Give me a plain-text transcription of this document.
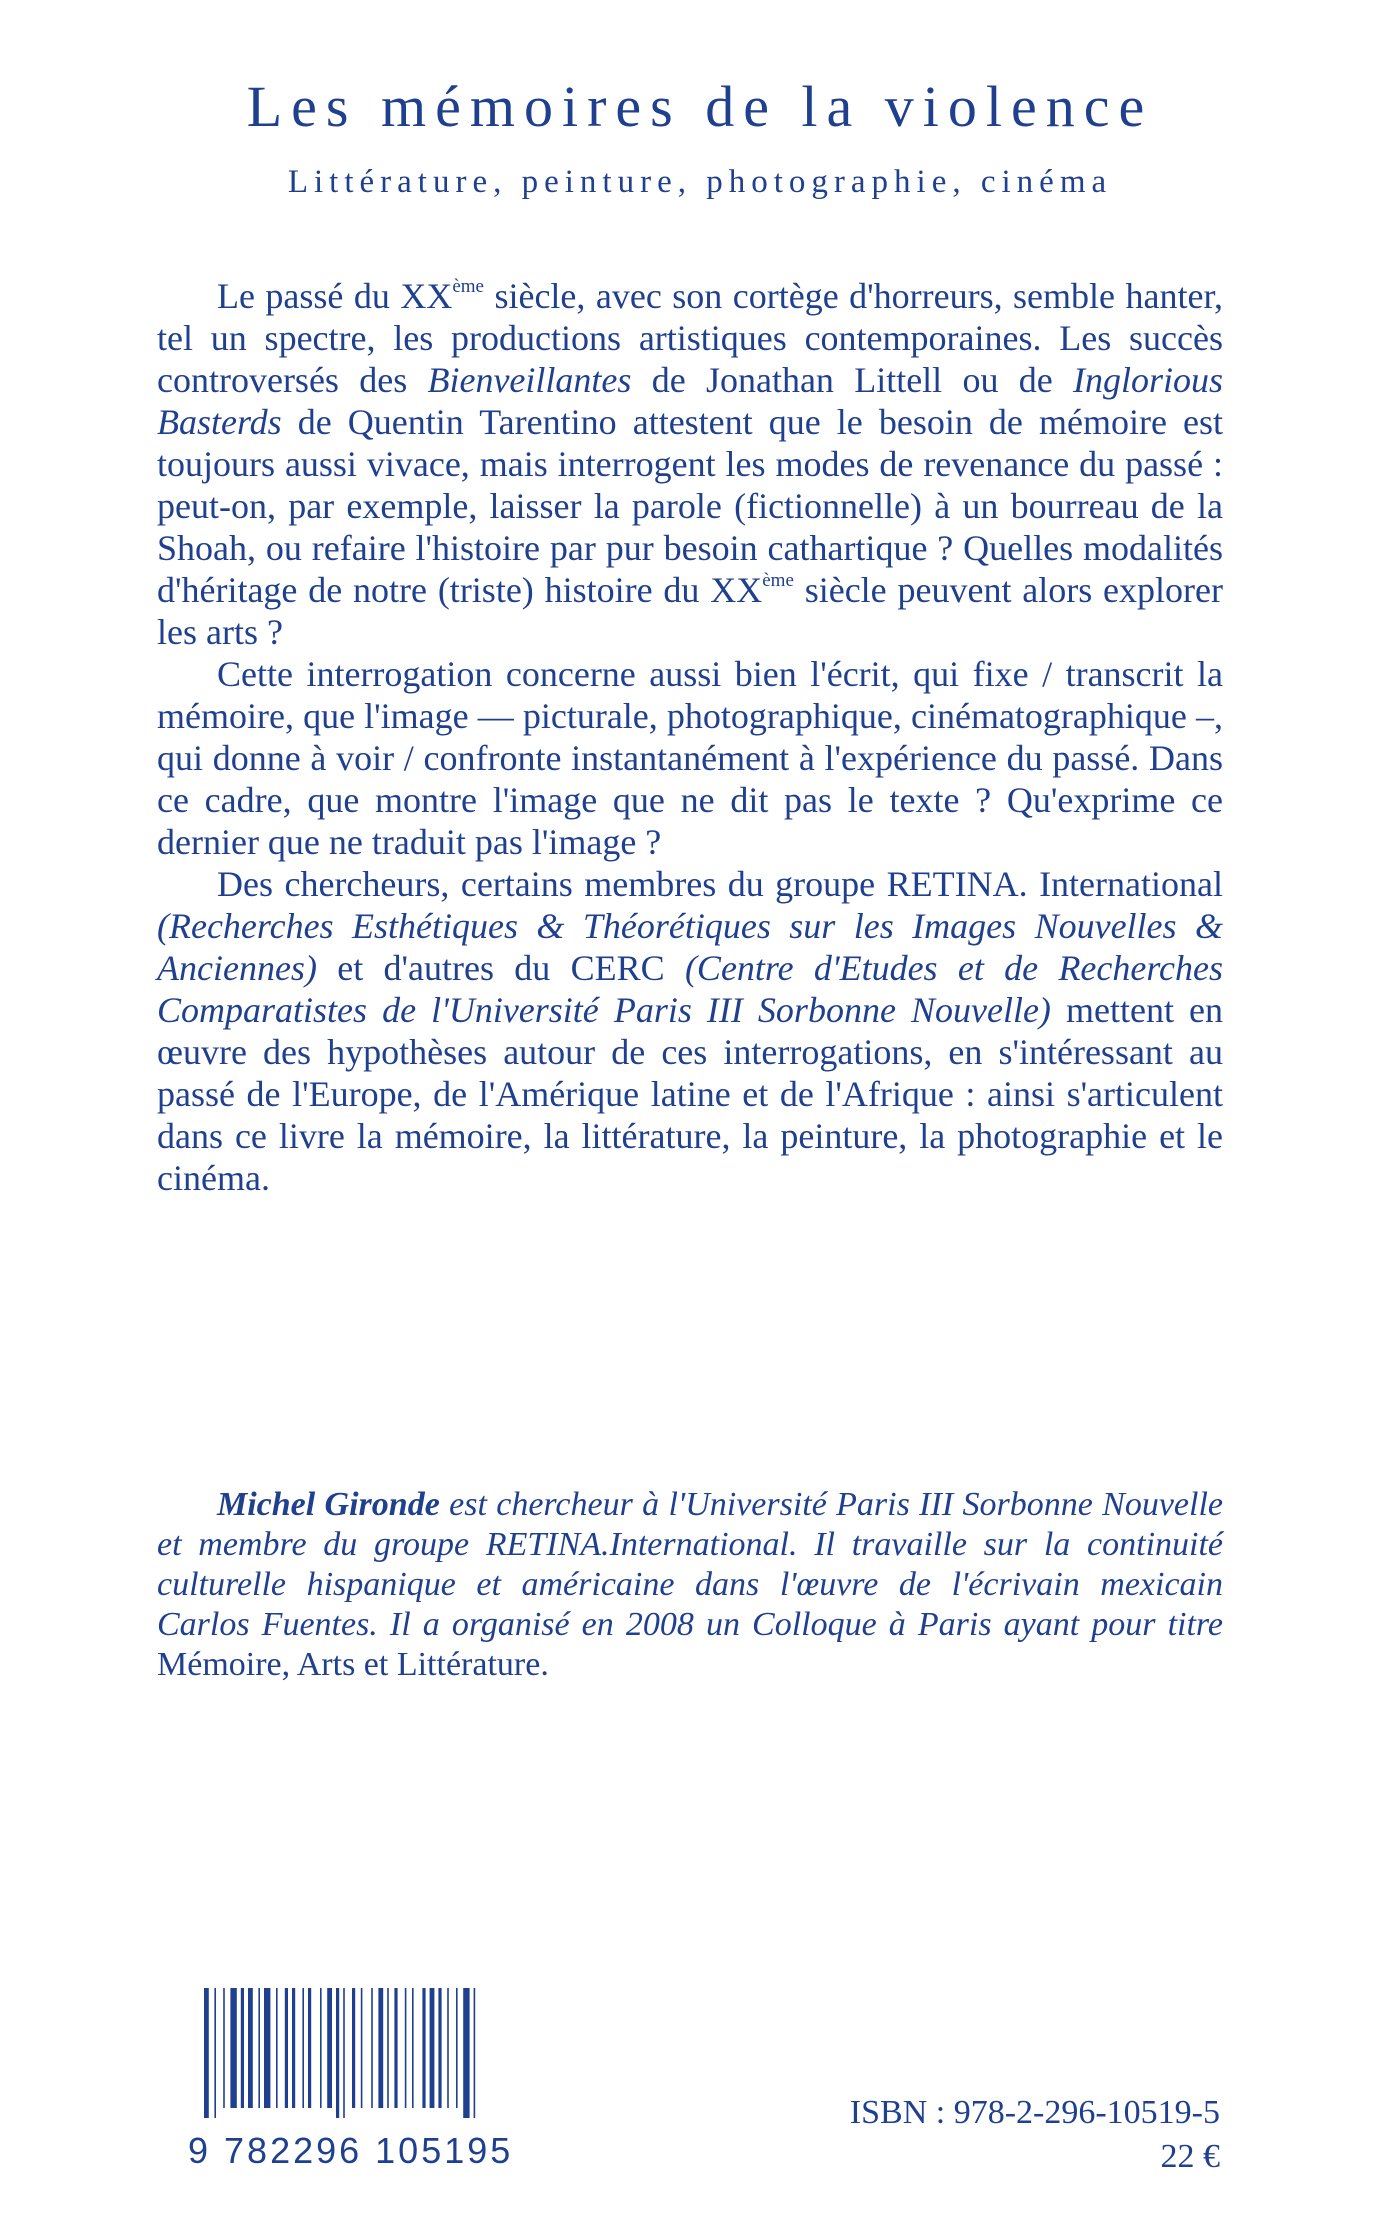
Les mémoires de la violence
Littérature, peinture, photographie, cinéma

Le passé du XXème siècle, avec son cortège d'horreurs, semble hanter, tel un spectre, les productions artistiques contemporaines. Les succès controversés des Bienveillantes de Jonathan Littell ou de Inglorious Basterds de Quentin Tarentino attestent que le besoin de mémoire est toujours aussi vivace, mais interrogent les modes de revenance du passé : peut-on, par exemple, laisser la parole (fictionnelle) à un bourreau de la Shoah, ou refaire l'histoire par pur besoin cathartique ? Quelles modalités d'héritage de notre (triste) histoire du XXème siècle peuvent alors explorer les arts ?

Cette interrogation concerne aussi bien l'écrit, qui fixe / transcrit la mémoire, que l'image — picturale, photographique, cinématographique –, qui donne à voir / confronte instantanément à l'expérience du passé. Dans ce cadre, que montre l'image que ne dit pas le texte ? Qu'exprime ce dernier que ne traduit pas l'image ?

Des chercheurs, certains membres du groupe RETINA. International (Recherches Esthétiques & Théorétiques sur les Images Nouvelles & Anciennes) et d'autres du CERC (Centre d'Etudes et de Recherches Comparatistes de l'Université Paris III Sorbonne Nouvelle) mettent en œuvre des hypothèses autour de ces interrogations, en s'intéressant au passé de l'Europe, de l'Amérique latine et de l'Afrique : ainsi s'articulent dans ce livre la mémoire, la littérature, la peinture, la photographie et le cinéma.

Michel Gironde est chercheur à l'Université Paris III Sorbonne Nouvelle et membre du groupe RETINA.International. Il travaille sur la continuité culturelle hispanique et américaine dans l'œuvre de l'écrivain mexicain Carlos Fuentes. Il a organisé en 2008 un Colloque à Paris ayant pour titre Mémoire, Arts et Littérature.

9 782296 105195
ISBN : 978-2-296-10519-5
22 €
